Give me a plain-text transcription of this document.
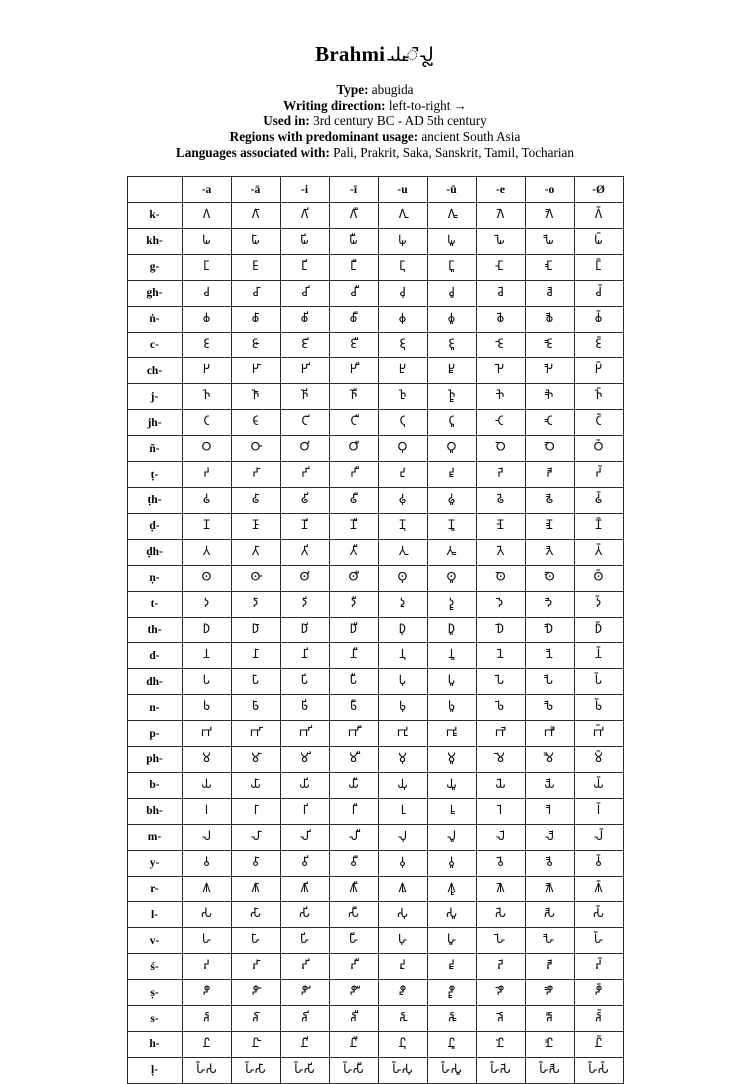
Brahmi 𑀬𑀾𑀹𑀿𑀮𑁀
Type: abugida
Writing direction: left-to-right →
Used in: 3rd century BC - AD 5th century
Regions with predominant usage: ancient South Asia
Languages associated with: Pali, Prakrit, Saka, Sanskrit, Tamil, Tocharian
	-a	-ā	-i	-ī	-u	-ū	-e	-o	-Ø
k-	𑀕	𑀕𑀸	𑀕𑀺	𑀕𑀻	𑀕𑀼	𑀕𑀽	𑀕𑁂	𑀕𑁃	𑀕𑁆
kh-	𑀖	𑀖𑀸	𑀖𑀺	𑀖𑀻	𑀖𑀼	𑀖𑀽	𑀖𑁂	𑀖𑁃	𑀖𑁆
g-	𑀗	𑀗𑀸	𑀗𑀺	𑀗𑀻	𑀗𑀼	𑀗𑀽	𑀗𑁂	𑀗𑁃	𑀗𑁆
gh-	𑀘	𑀘𑀸	𑀘𑀺	𑀘𑀻	𑀘𑀼	𑀘𑀽	𑀘𑁂	𑀘𑁃	𑀘𑁆
ṅ-	𑀙	𑀙𑀸	𑀙𑀺	𑀙𑀻	𑀙𑀼	𑀙𑀽	𑀙𑁂	𑀙𑁃	𑀙𑁆
c-	𑀚	𑀚𑀸	𑀚𑀺	𑀚𑀻	𑀚𑀼	𑀚𑀽	𑀚𑁂	𑀚𑁃	𑀚𑁆
ch-	𑀛	𑀛𑀸	𑀛𑀺	𑀛𑀻	𑀛𑀼	𑀛𑀽	𑀛𑁂	𑀛𑁃	𑀛𑁆
j-	𑀜	𑀜𑀸	𑀜𑀺	𑀜𑀻	𑀜𑀼	𑀜𑀽	𑀜𑁂	𑀜𑁃	𑀜𑁆
jh-	𑀝	𑀝𑀸	𑀝𑀺	𑀝𑀻	𑀝𑀼	𑀝𑀽	𑀝𑁂	𑀝𑁃	𑀝𑁆
ñ-	𑀞	𑀞𑀸	𑀞𑀺	𑀞𑀻	𑀞𑀼	𑀞𑀽	𑀞𑁂	𑀞𑁃	𑀞𑁆
ṭ-	𑀟	𑀟𑀸	𑀟𑀺	𑀟𑀻	𑀟𑀼	𑀟𑀽	𑀟𑁂	𑀟𑁃	𑀟𑁆
ṭh-	𑀠	𑀠𑀸	𑀠𑀺	𑀠𑀻	𑀠𑀼	𑀠𑀽	𑀠𑁂	𑀠𑁃	𑀠𑁆
ḍ-	𑀡	𑀡𑀸	𑀡𑀺	𑀡𑀻	𑀡𑀼	𑀡𑀽	𑀡𑁂	𑀡𑁃	𑀡𑁆
ḍh-	𑀢	𑀢𑀸	𑀢𑀺	𑀢𑀻	𑀢𑀼	𑀢𑀽	𑀢𑁂	𑀢𑁃	𑀢𑁆
ṇ-	𑀣	𑀣𑀸	𑀣𑀺	𑀣𑀻	𑀣𑀼	𑀣𑀽	𑀣𑁂	𑀣𑁃	𑀣𑁆
t-	𑀤	𑀤𑀸	𑀤𑀺	𑀤𑀻	𑀤𑀼	𑀤𑀽	𑀤𑁂	𑀤𑁃	𑀤𑁆
th-	𑀥	𑀥𑀸	𑀥𑀺	𑀥𑀻	𑀥𑀼	𑀥𑀽	𑀥𑁂	𑀥𑁃	𑀥𑁆
d-	𑀦	𑀦𑀸	𑀦𑀺	𑀦𑀻	𑀦𑀼	𑀦𑀽	𑀦𑁂	𑀦𑁃	𑀦𑁆
dh-	𑀧	𑀧𑀸	𑀧𑀺	𑀧𑀻	𑀧𑀼	𑀧𑀽	𑀧𑁂	𑀧𑁃	𑀧𑁆
n-	𑀨	𑀨𑀸	𑀨𑀺	𑀨𑀻	𑀨𑀼	𑀨𑀽	𑀨𑁂	𑀨𑁃	𑀨𑁆
p-	𑀪	𑀪𑀸	𑀪𑀺	𑀪𑀻	𑀪𑀼	𑀪𑀽	𑀪𑁂	𑀪𑁃	𑀪𑁆
ph-	𑀫	𑀫𑀸	𑀫𑀺	𑀫𑀻	𑀫𑀼	𑀫𑀽	𑀫𑁂	𑀫𑁃	𑀫𑁆
b-	𑀬	𑀬𑀸	𑀬𑀺	𑀬𑀻	𑀬𑀼	𑀬𑀽	𑀬𑁂	𑀬𑁃	𑀬𑁆
bh-	𑀭	𑀭𑀸	𑀭𑀺	𑀭𑀻	𑀭𑀼	𑀭𑀽	𑀭𑁂	𑀭𑁃	𑀭𑁆
m-	𑀮	𑀮𑀸	𑀮𑀺	𑀮𑀻	𑀮𑀼	𑀮𑀽	𑀮𑁂	𑀮𑁃	𑀮𑁆
y-	𑀯	𑀯𑀸	𑀯𑀺	𑀯𑀻	𑀯𑀼	𑀯𑀽	𑀯𑁂	𑀯𑁃	𑀯𑁆
r-	𑀰	𑀰𑀸	𑀰𑀺	𑀰𑀻	𑀰𑀼	𑀰𑀽	𑀰𑁂	𑀰𑁃	𑀰𑁆
l-	𑀲	𑀲𑀸	𑀲𑀺	𑀲𑀻	𑀲𑀼	𑀲𑀽	𑀲𑁂	𑀲𑁃	𑀲𑁆
v-	𑀳	𑀳𑀸	𑀳𑀺	𑀳𑀻	𑀳𑀼	𑀳𑀽	𑀳𑁂	𑀳𑁃	𑀳𑁆
ś-	𑀴	𑀴𑀸	𑀴𑀺	𑀴𑀻	𑀴𑀼	𑀴𑀽	𑀴𑁂	𑀴𑁃	𑀴𑁆
ṣ-	𑀵	𑀵𑀸	𑀵𑀺	𑀵𑀻	𑀵𑀼	𑀵𑀽	𑀵𑁂	𑀵𑁃	𑀵𑁆
s-	𑀶	𑀶𑀸	𑀶𑀺	𑀶𑀻	𑀶𑀼	𑀶𑀽	𑀶𑁂	𑀶𑁃	𑀶𑁆
h-	𑀷	𑀷𑀸	𑀷𑀺	𑀷𑀻	𑀷𑀼	𑀷𑀽	𑀷𑁂	𑀷𑁃	𑀷𑁆
ḷ-	𑀳𑁆𑀲	𑀳𑁆𑀲𑀸	𑀳𑁆𑀲𑀺	𑀳𑁆𑀲𑀻	𑀳𑁆𑀲𑀼	𑀳𑁆𑀲𑀽	𑀳𑁆𑀲𑁂	𑀳𑁆𑀲𑁃	𑀳𑁆𑀲𑁆
